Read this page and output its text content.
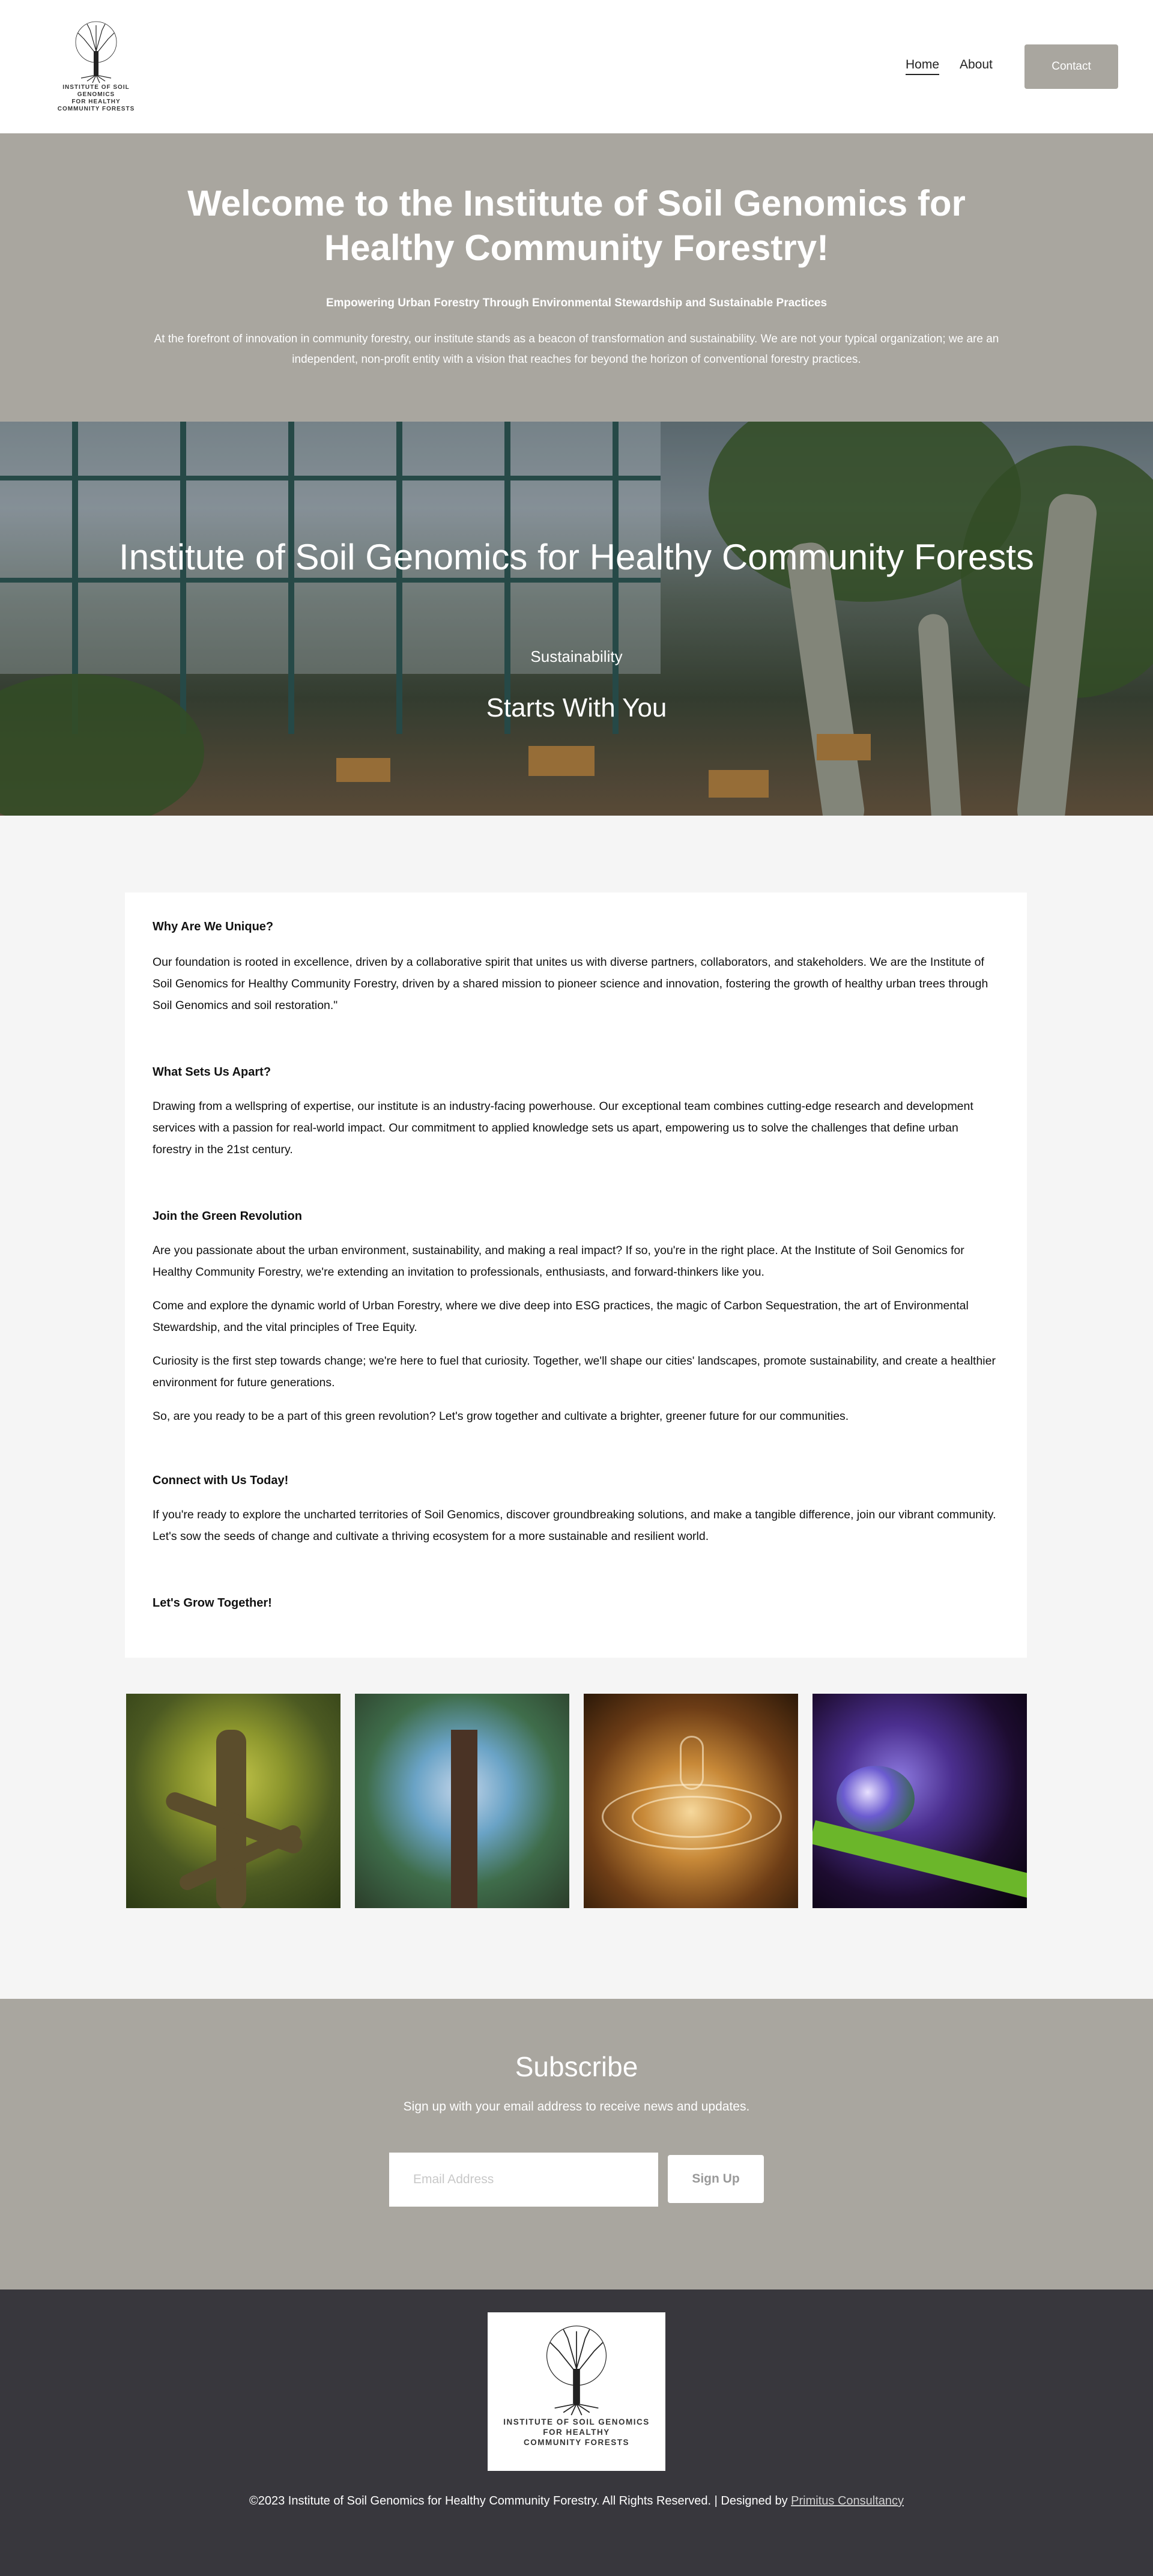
INSTITUTE OF SOIL GENOMICS
FOR HEALTHY
COMMUNITY FORESTS
Home About	Contact
Welcome to the Institute of Soil Genomics for Healthy Community Forestry!
Empowering Urban Forestry Through Environmental Stewardship and Sustainable Practices
At the forefront of innovation in community forestry, our institute stands as a beacon of transformation and sustainability. We are not your typical organization; we are an independent, non-profit entity with a vision that reaches for beyond the horizon of conventional forestry practices.
Institute of Soil Genomics for Healthy Community Forests
Sustainability
Starts With You
Why Are We Unique?
Our foundation is rooted in excellence, driven by a collaborative spirit that unites us with diverse partners, collaborators, and stakeholders. We are the Institute of Soil Genomics for Healthy Community Forestry, driven by a shared mission to pioneer science and innovation, fostering the growth of healthy urban trees through Soil Genomics and soil restoration."
What Sets Us Apart?
Drawing from a wellspring of expertise, our institute is an industry-facing powerhouse. Our exceptional team combines cutting-edge research and development services with a passion for real-world impact. Our commitment to applied knowledge sets us apart, empowering us to solve the challenges that define urban forestry in the 21st century.
Join the Green Revolution
Are you passionate about the urban environment, sustainability, and making a real impact? If so, you're in the right place. At the Institute of Soil Genomics for Healthy Community Forestry, we're extending an invitation to professionals, enthusiasts, and forward-thinkers like you.
Come and explore the dynamic world of Urban Forestry, where we dive deep into ESG practices, the magic of Carbon Sequestration, the art of Environmental Stewardship, and the vital principles of Tree Equity.
Curiosity is the first step towards change; we're here to fuel that curiosity. Together, we'll shape our cities' landscapes, promote sustainability, and create a healthier environment for future generations.
So, are you ready to be a part of this green revolution? Let's grow together and cultivate a brighter, greener future for our communities.
Connect with Us Today!
If you're ready to explore the uncharted territories of Soil Genomics, discover groundbreaking solutions, and make a tangible difference, join our vibrant community. Let's sow the seeds of change and cultivate a thriving ecosystem for a more sustainable and resilient world.
Let's Grow Together!
Subscribe
Sign up with your email address to receive news and updates.
Email Address
Sign Up
INSTITUTE OF SOIL GENOMICS
FOR HEALTHY
COMMUNITY FORESTS
©2023 Institute of Soil Genomics for Healthy Community Forestry. All Rights Reserved. | Designed by Primitus Consultancy
